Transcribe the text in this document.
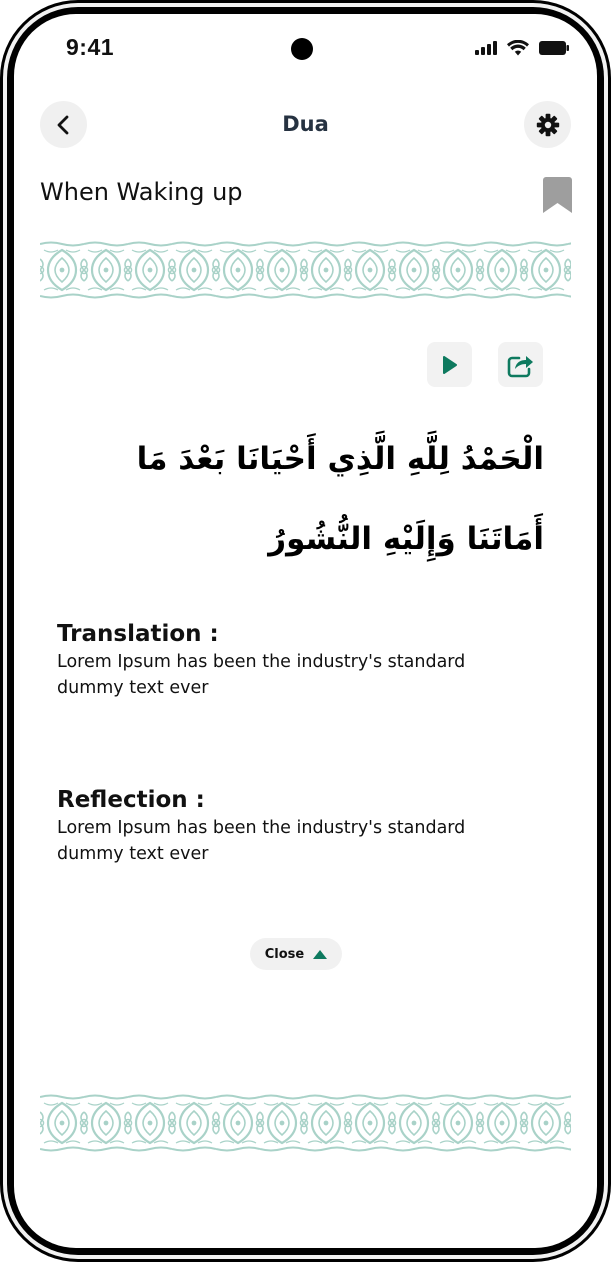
9:41
Dua
When Waking up
الْحَمْدُ لِلَّهِ الَّذِي أَحْيَانَا بَعْدَ مَا أَمَاتَنَا وَإِلَيْهِ النُّشُورُ
Translation :
Lorem Ipsum has been the industry's standard dummy text ever
Reflection :
Lorem Ipsum has been the industry's standard dummy text ever
Close
